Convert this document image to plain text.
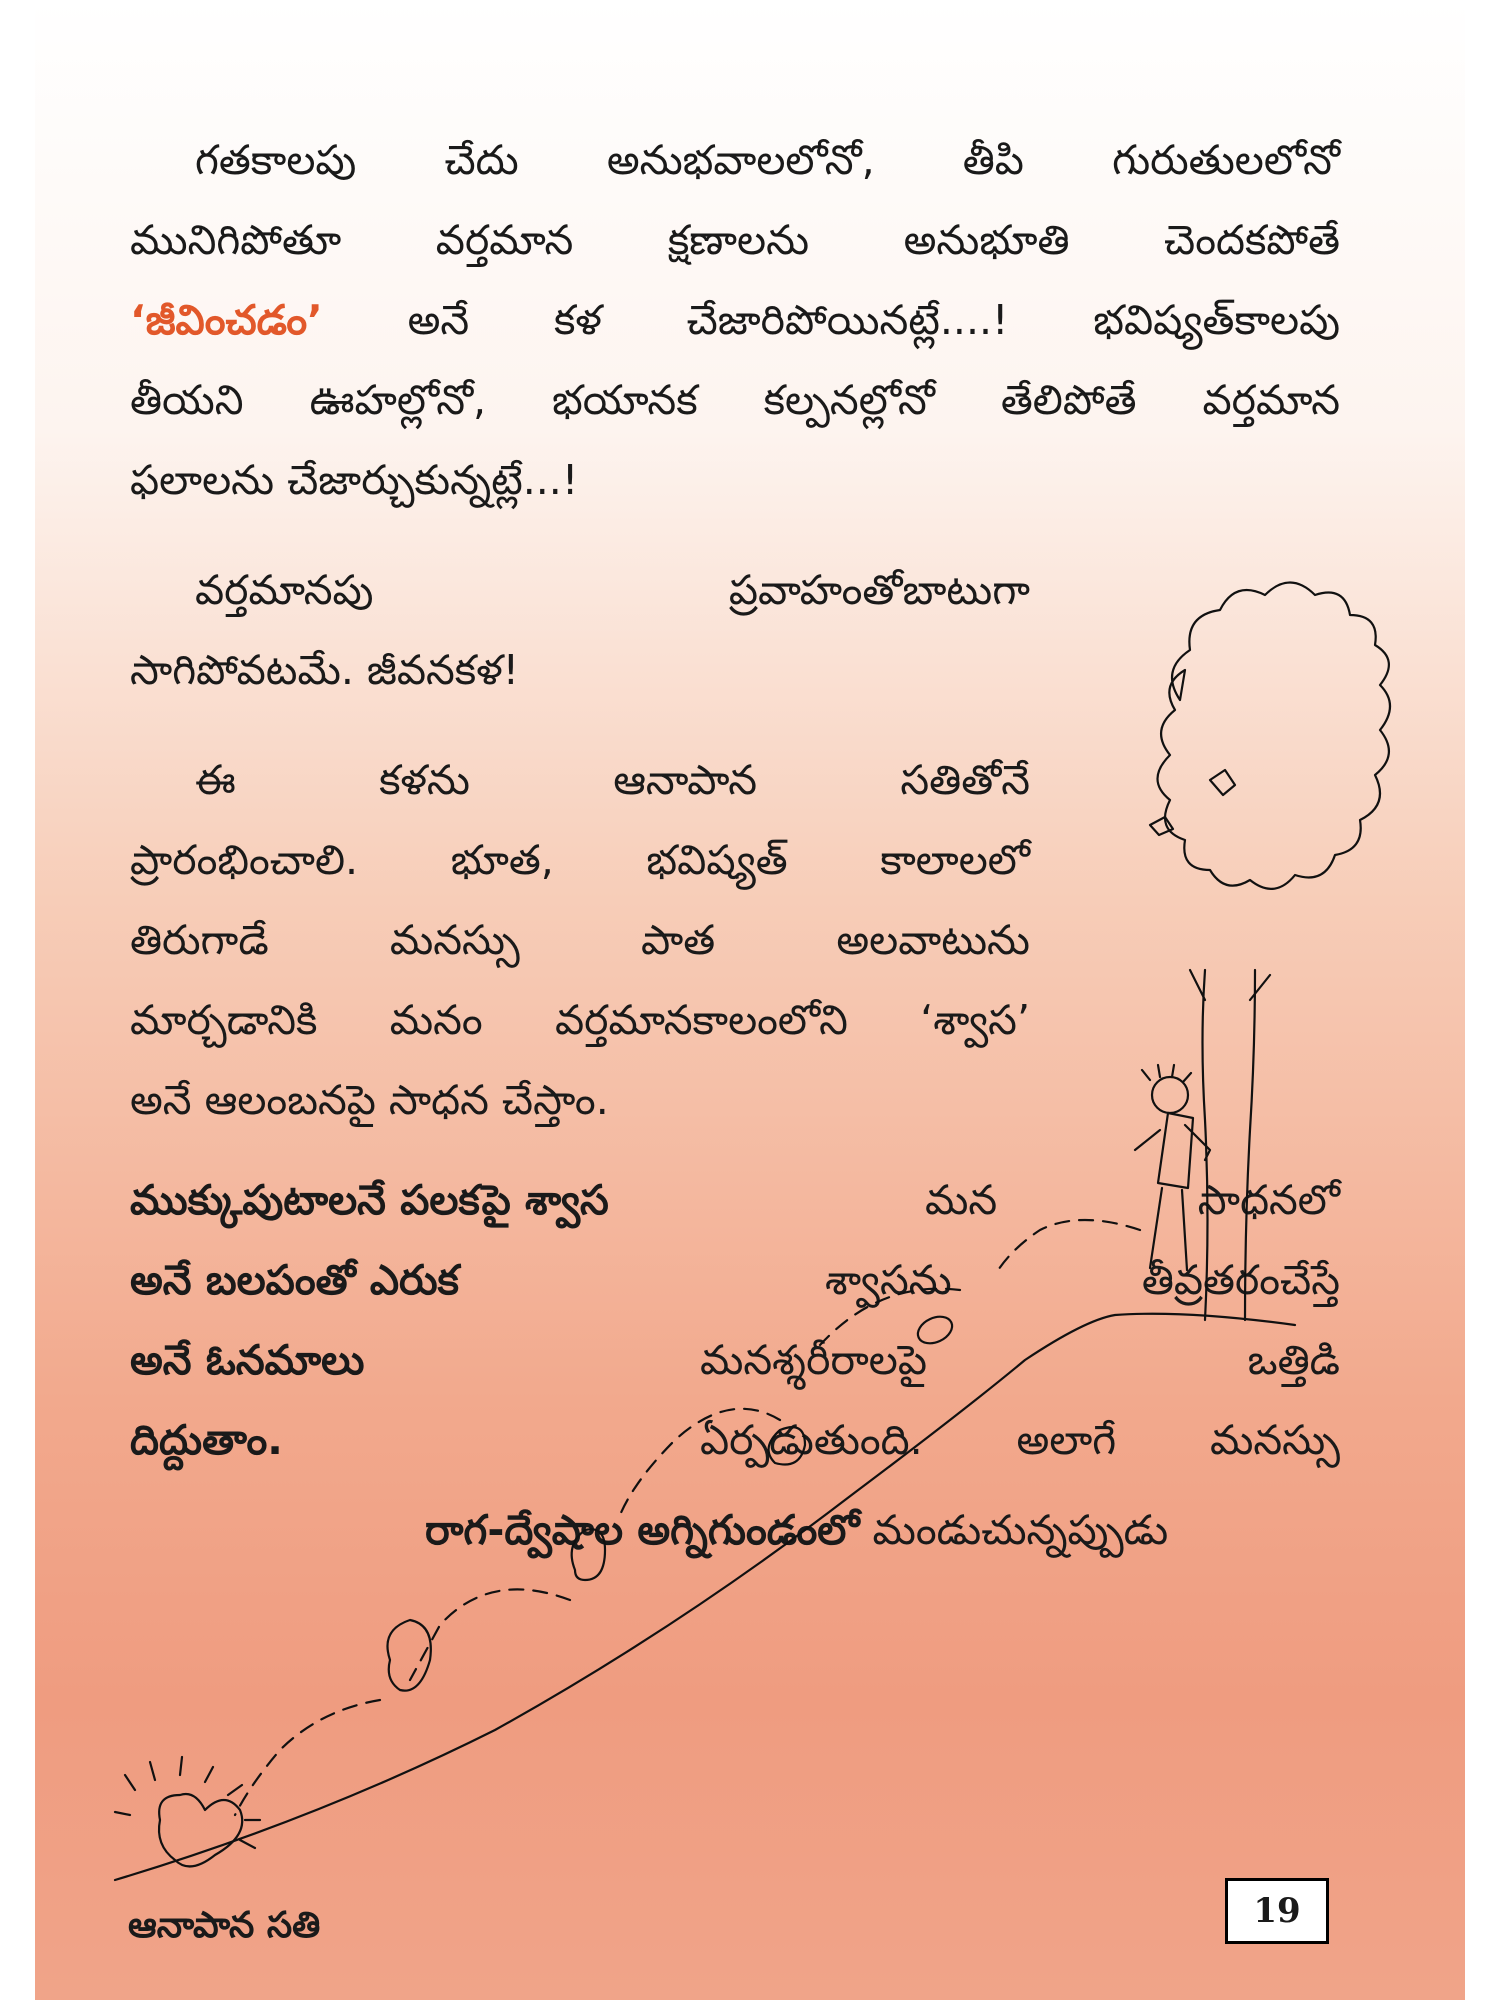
గతకాలపు చేదు అనుభవాలలోనో, తీపి గురుతులలోనో
మునిగిపోతూ వర్తమాన క్షణాలను అనుభూతి చెందకపోతే
‘జీవించడం’ అనే కళ చేజారిపోయినట్లే....! భవిష్యత్‌కాలపు
తీయని ఊహల్లోనో, భయానక కల్పనల్లోనో తేలిపోతే వర్తమాన
ఫలాలను చేజార్చుకున్నట్లే...!
వర్తమానపు ప్రవాహంతోబాటుగా
సాగిపోవటమే. జీవనకళ!
ఈ కళను ఆనాపాన సతితోనే
ప్రారంభించాలి. భూత, భవిష్యత్ కాలాలలో
తిరుగాడే మనస్సు పాత అలవాటును
మార్చడానికి మనం వర్తమానకాలంలోని ‘శ్వాస’
అనే ఆలంబనపై సాధన చేస్తాం.
ముక్కుపుటాలనే పలకపై శ్వాస
అనే బలపంతో ఎరుక
అనే ఓనమాలు
దిద్దుతాం.
మన సాధనలో
శ్వాసను తీవ్రతరంచేస్తే
మనశ్శరీరాలపై ఒత్తిడి
ఏర్పడుతుంది. అలాగే మనస్సు
రాగ-ద్వేషాల అగ్నిగుండంలో మండుచున్నప్పుడు
ఆనాపాన సతి	19
